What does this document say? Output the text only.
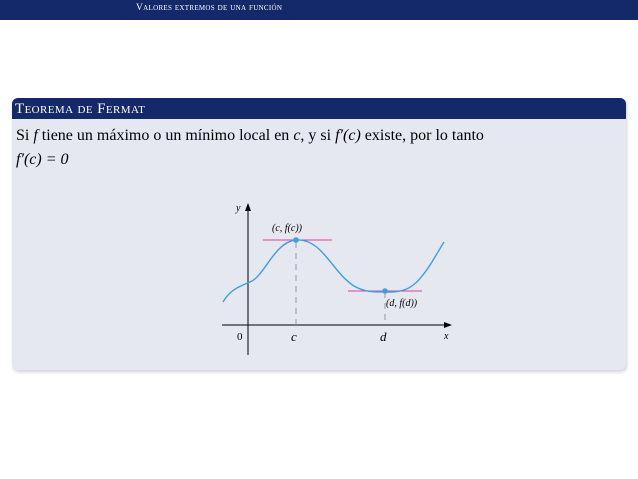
Valores extremos de una función
Teorema de Fermat
Si f tiene un máximo o un mínimo local en c, y si f′(c) existe, por lo tanto
f′(c) = 0
y
x
0	c	d
(c, f(c))
(d, f(d))
